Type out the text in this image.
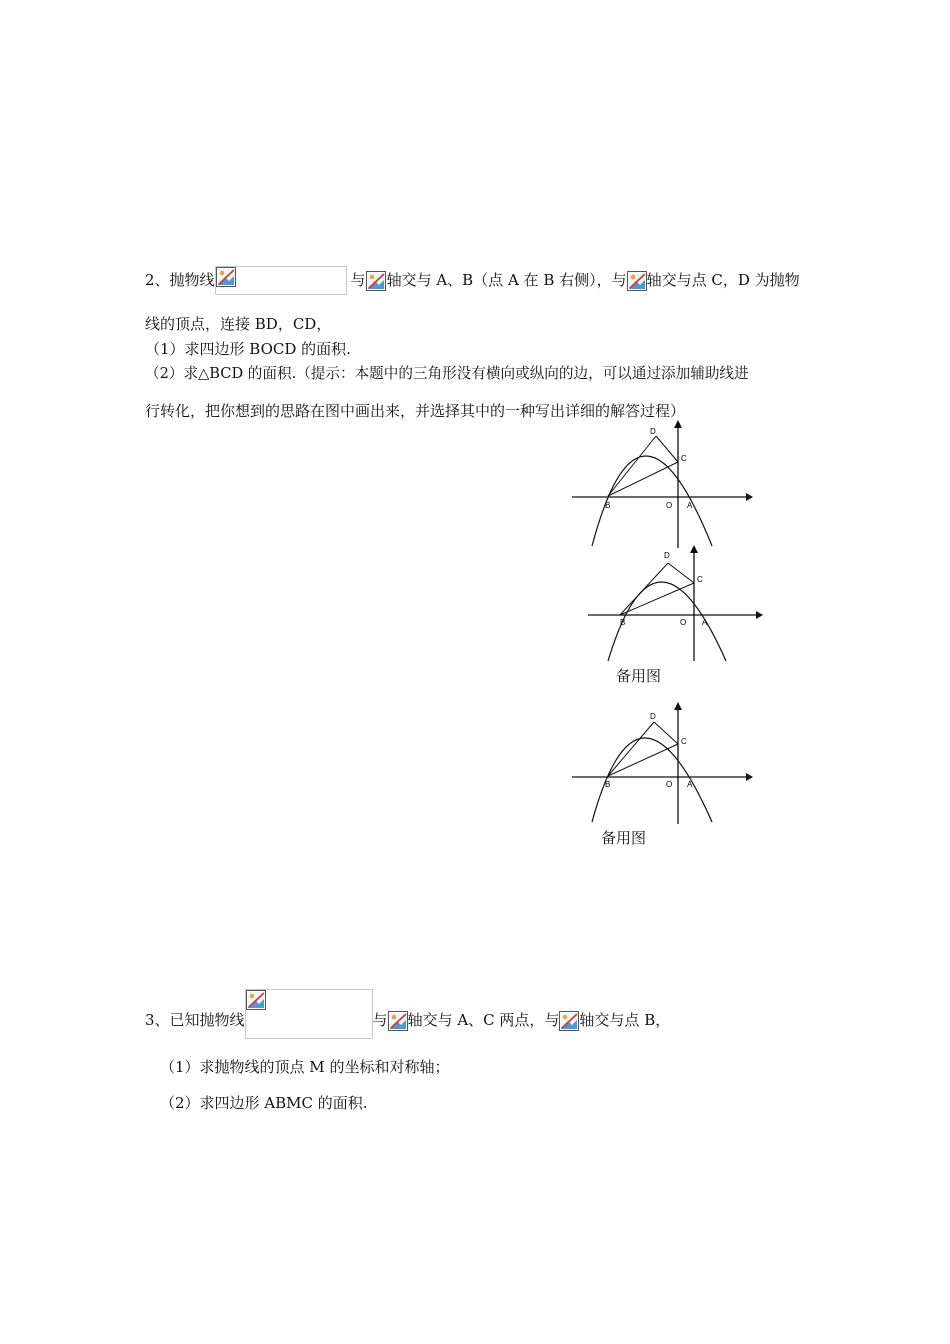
2、抛物线	与 轴交与 A、B（点 A 在 B 右侧），与 轴交与点 C，D 为抛物
线的顶点，连接 BD，CD，
（1）求四边形 BOCD 的面积.
（2）求△BCD 的面积.（提示：本题中的三角形没有横向或纵向的边，可以通过添加辅助线进
行转化，把你想到的思路在图中画出来，并选择其中的一种写出详细的解答过程）
D
C
B	O A
D
C
B	O A
备用图
D
C
B	O A
备用图
3、已知抛物线	与 轴交与 A、C 两点，与 轴交与点 B，
（1）求抛物线的顶点 M 的坐标和对称轴；
（2）求四边形 ABMC 的面积.
